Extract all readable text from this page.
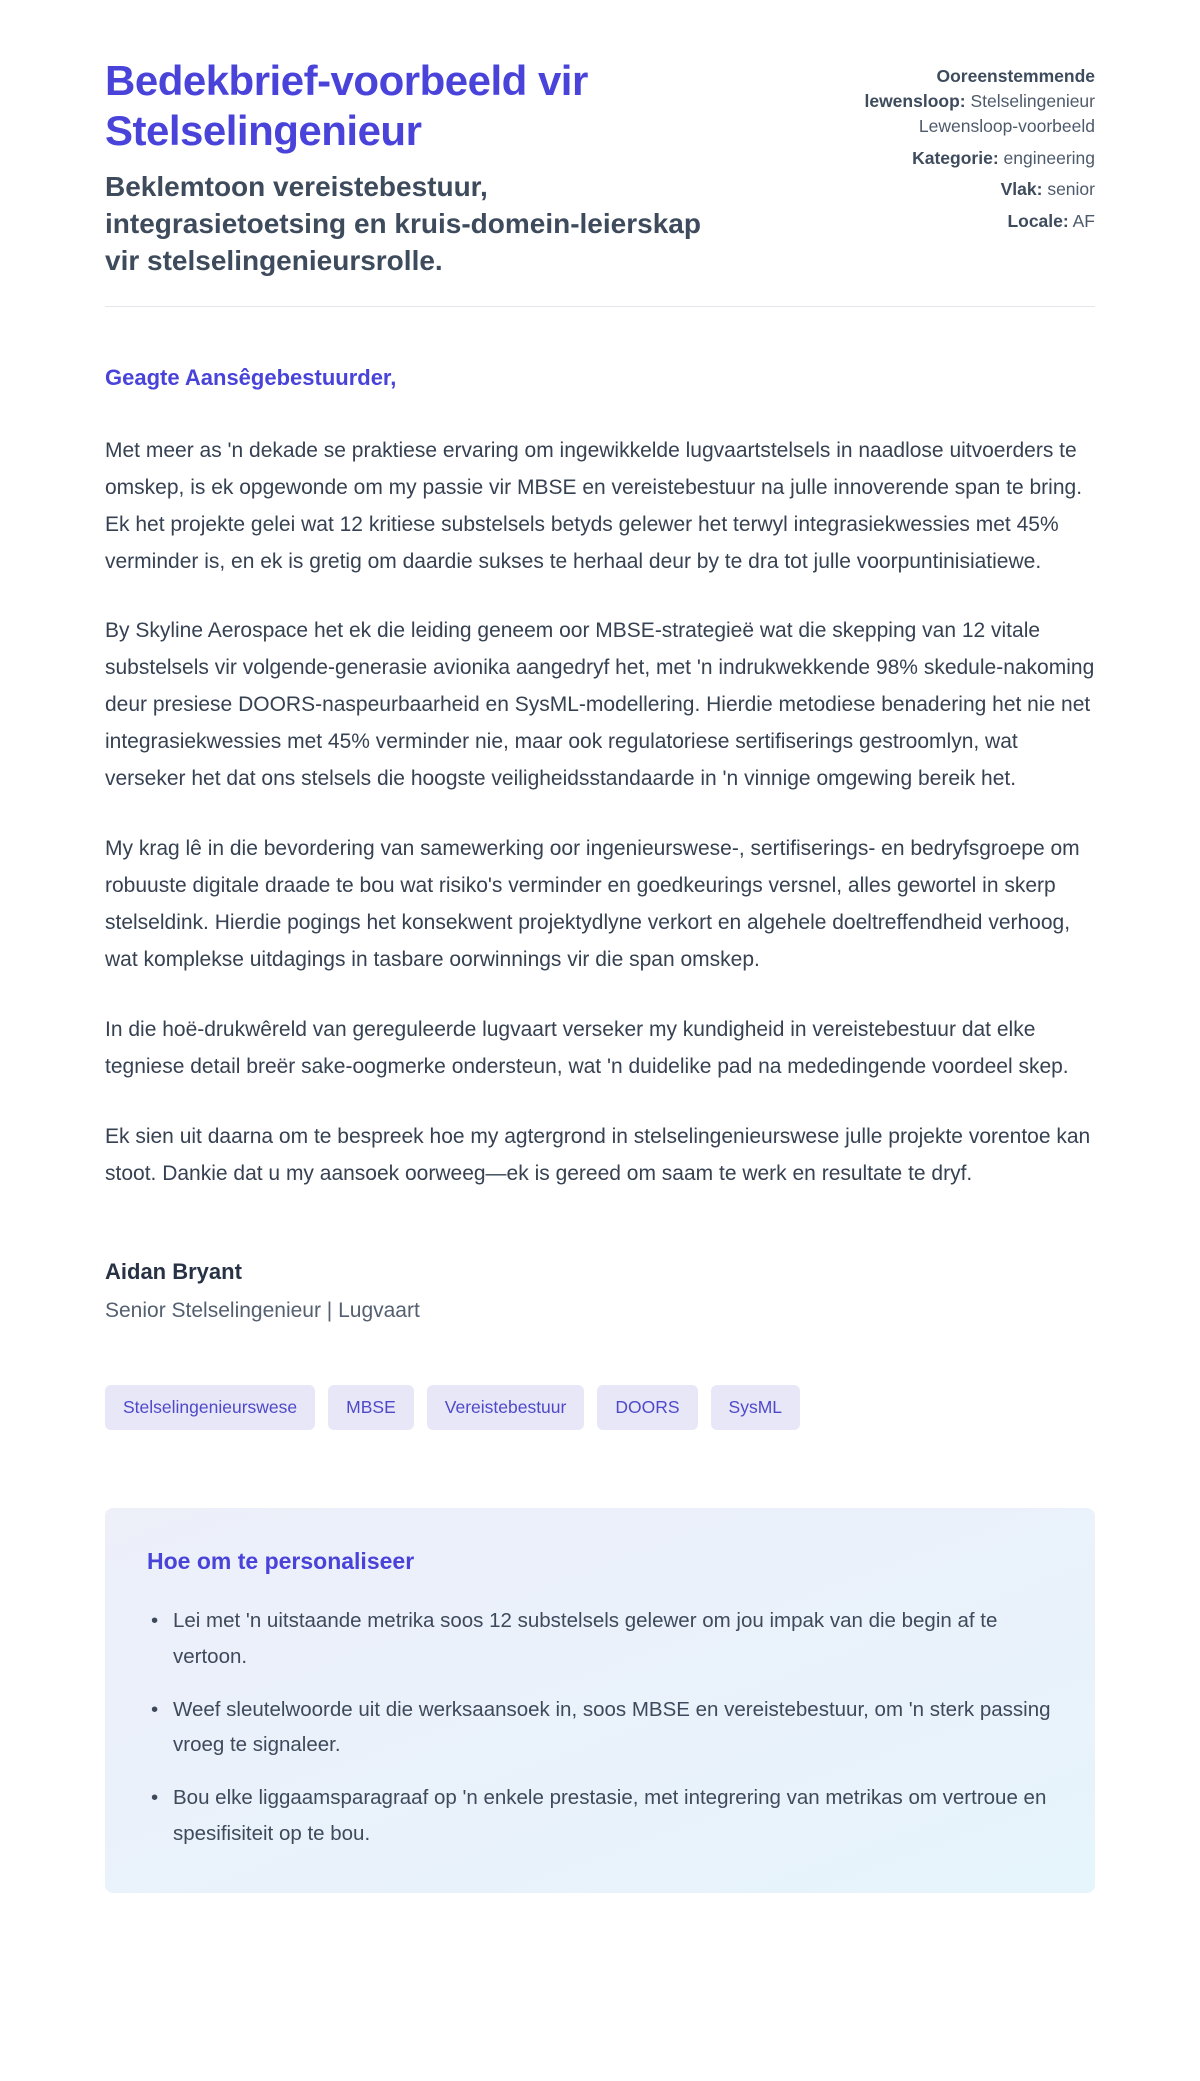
Bedekbrief-voorbeeld vir Stelselingenieur
Beklemtoon vereistebestuur, integrasietoetsing en kruis-domein-leierskap vir stelselingenieursrolle.
Ooreenstemmende lewensloop: Stelselingenieur Lewensloop-voorbeeld
Kategorie: engineering
Vlak: senior
Locale: AF

Geagte Aansêgebestuurder,

Met meer as 'n dekade se praktiese ervaring om ingewikkelde lugvaartstelsels in naadlose uitvoerders te omskep, is ek opgewonde om my passie vir MBSE en vereistebestuur na julle innoverende span te bring. Ek het projekte gelei wat 12 kritiese substelsels betyds gelewer het terwyl integrasiekwessies met 45% verminder is, en ek is gretig om daardie sukses te herhaal deur by te dra tot julle voorpuntinisiatiewe.

By Skyline Aerospace het ek die leiding geneem oor MBSE-strategieë wat die skepping van 12 vitale substelsels vir volgende-generasie avionika aangedryf het, met 'n indrukwekkende 98% skedule-nakoming deur presiese DOORS-naspeurbaarheid en SysML-modellering. Hierdie metodiese benadering het nie net integrasiekwessies met 45% verminder nie, maar ook regulatoriese sertifiserings gestroomlyn, wat verseker het dat ons stelsels die hoogste veiligheidsstandaarde in 'n vinnige omgewing bereik het.

My krag lê in die bevordering van samewerking oor ingenieurswese-, sertifiserings- en bedryfsgroepe om robuuste digitale draade te bou wat risiko's verminder en goedkeurings versnel, alles gewortel in skerp stelseldink. Hierdie pogings het konsekwent projektydlyne verkort en algehele doeltreffendheid verhoog, wat komplekse uitdagings in tasbare oorwinnings vir die span omskep.

In die hoë-drukwêreld van gereguleerde lugvaart verseker my kundigheid in vereistebestuur dat elke tegniese detail breër sake-oogmerke ondersteun, wat 'n duidelike pad na mededingende voordeel skep.

Ek sien uit daarna om te bespreek hoe my agtergrond in stelselingenieurswese julle projekte vorentoe kan stoot. Dankie dat u my aansoek oorweeg—ek is gereed om saam te werk en resultate te dryf.

Aidan Bryant
Senior Stelselingenieur | Lugvaart
Stelselingenieurswese	MBSE	Vereistebestuur	DOORS	SysML
Hoe om te personaliseer
• Lei met 'n uitstaande metrika soos 12 substelsels gelewer om jou impak van die begin af te vertoon.
• Weef sleutelwoorde uit die werksaansoek in, soos MBSE en vereistebestuur, om 'n sterk passing vroeg te signaleer.
• Bou elke liggaamsparagraaf op 'n enkele prestasie, met integrering van metrikas om vertroue en spesifisiteit op te bou.
